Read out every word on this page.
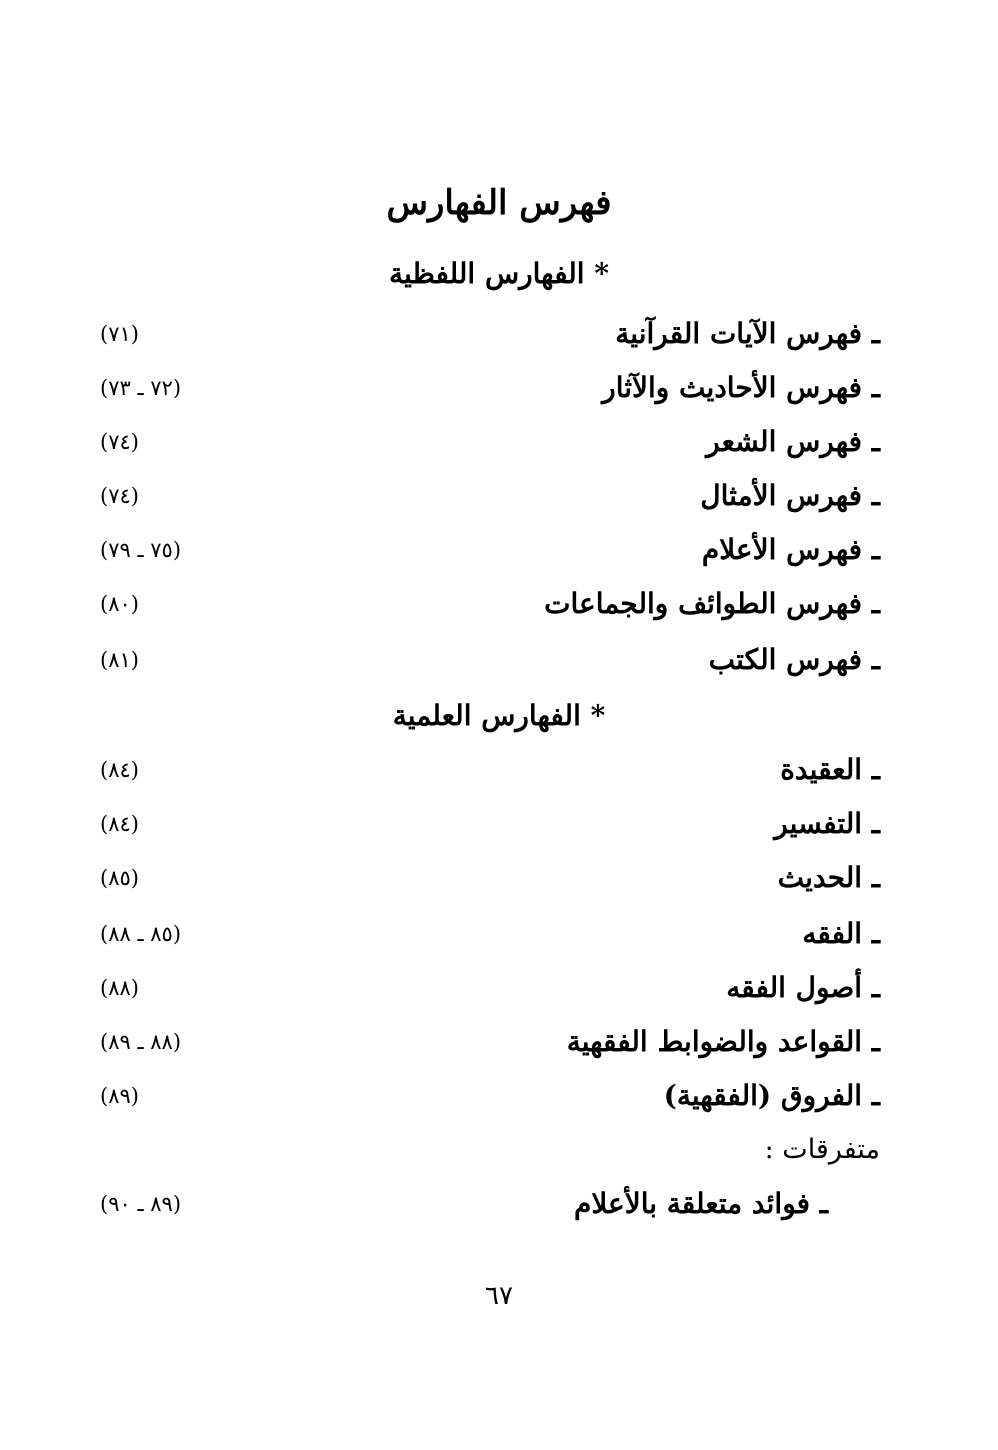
فهرس الفهارس
* الفهارس اللفظية
ـ فهرس الآيات القرآنية
(٧١)
ـ فهرس الأحاديث والآثار
(٧٢ ـ ٧٣)
ـ فهرس الشعر
(٧٤)
ـ فهرس الأمثال
(٧٤)
ـ فهرس الأعلام
(٧٥ ـ ٧٩)
ـ فهرس الطوائف والجماعات
(٨٠)
ـ فهرس الكتب
(٨١)
* الفهارس العلمية
ـ العقيدة
(٨٤)
ـ التفسير
(٨٤)
ـ الحديث
(٨٥)
ـ الفقه
(٨٥ ـ ٨٨)
ـ أصول الفقه
(٨٨)
ـ القواعد والضوابط الفقهية
(٨٨ ـ ٨٩)
ـ الفروق (الفقهية)
(٨٩)
متفرقات :
ـ فوائد متعلقة بالأعلام
(٨٩ ـ ٩٠)
٦٧
